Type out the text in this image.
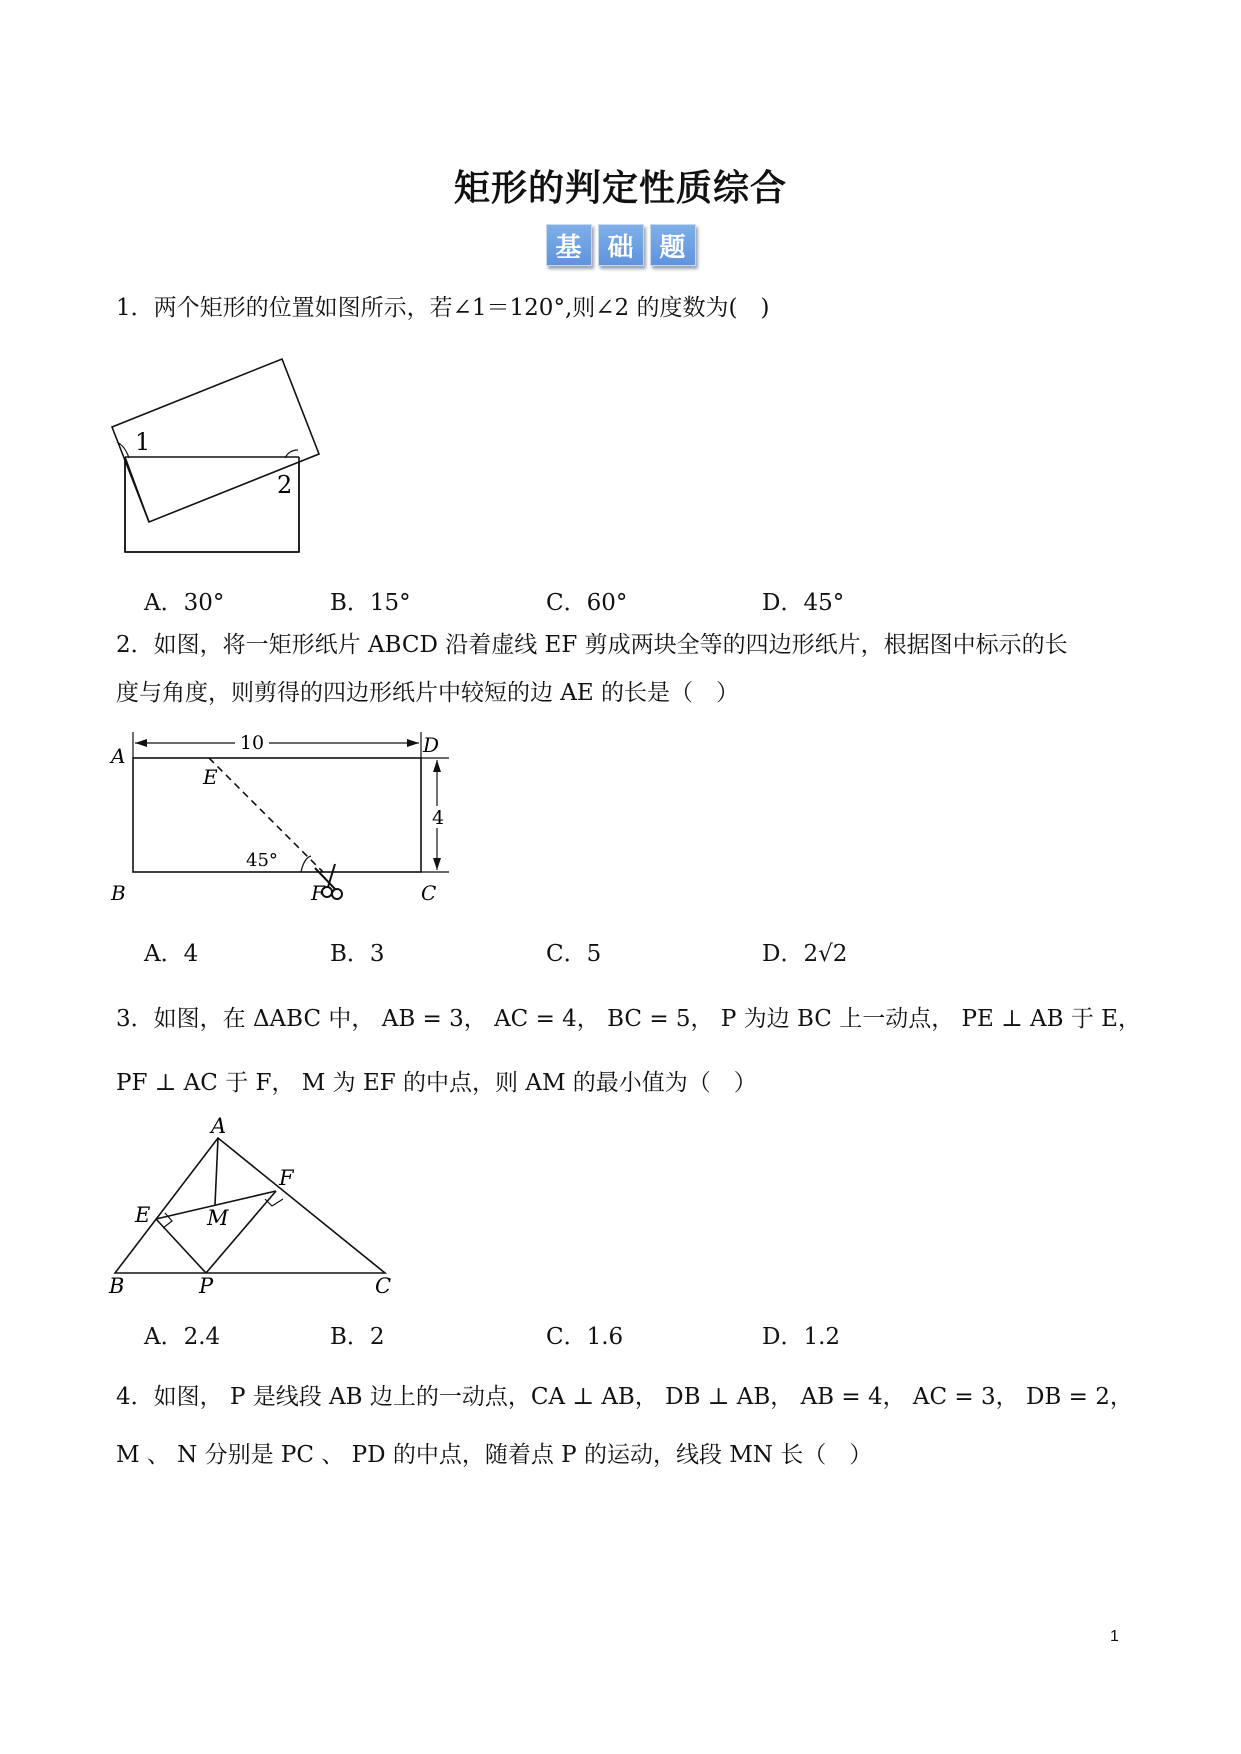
矩形的判定性质综合
基 础 题
1．两个矩形的位置如图所示，若∠1＝120°,则∠2 的度数为(　)
1
2
A．30°	B．15°	C．60°	D．45°
2．如图，将一矩形纸片 ABCD 沿着虚线 EF 剪成两块全等的四边形纸片，根据图中标示的长
度与角度，则剪得的四边形纸片中较短的边 AE 的长是（　）
10
4
45°
A
B	C
D
E
F
A．4	B．3	C．5	D．2√2
3．如图，在 ΔABC 中， AB = 3， AC = 4， BC = 5， P 为边 BC 上一动点， PE ⊥ AB 于 E，
PF ⊥ AC 于 F， M 为 EF 的中点，则 AM 的最小值为（　）
A
B	C
E
F
M
P
A．2.4	B．2	C．1.6	D．1.2
4．如图， P 是线段 AB 边上的一动点，CA ⊥ AB， DB ⊥ AB， AB = 4， AC = 3， DB = 2，
M 、 N 分别是 PC 、 PD 的中点，随着点 P 的运动，线段 MN 长（　）
1
